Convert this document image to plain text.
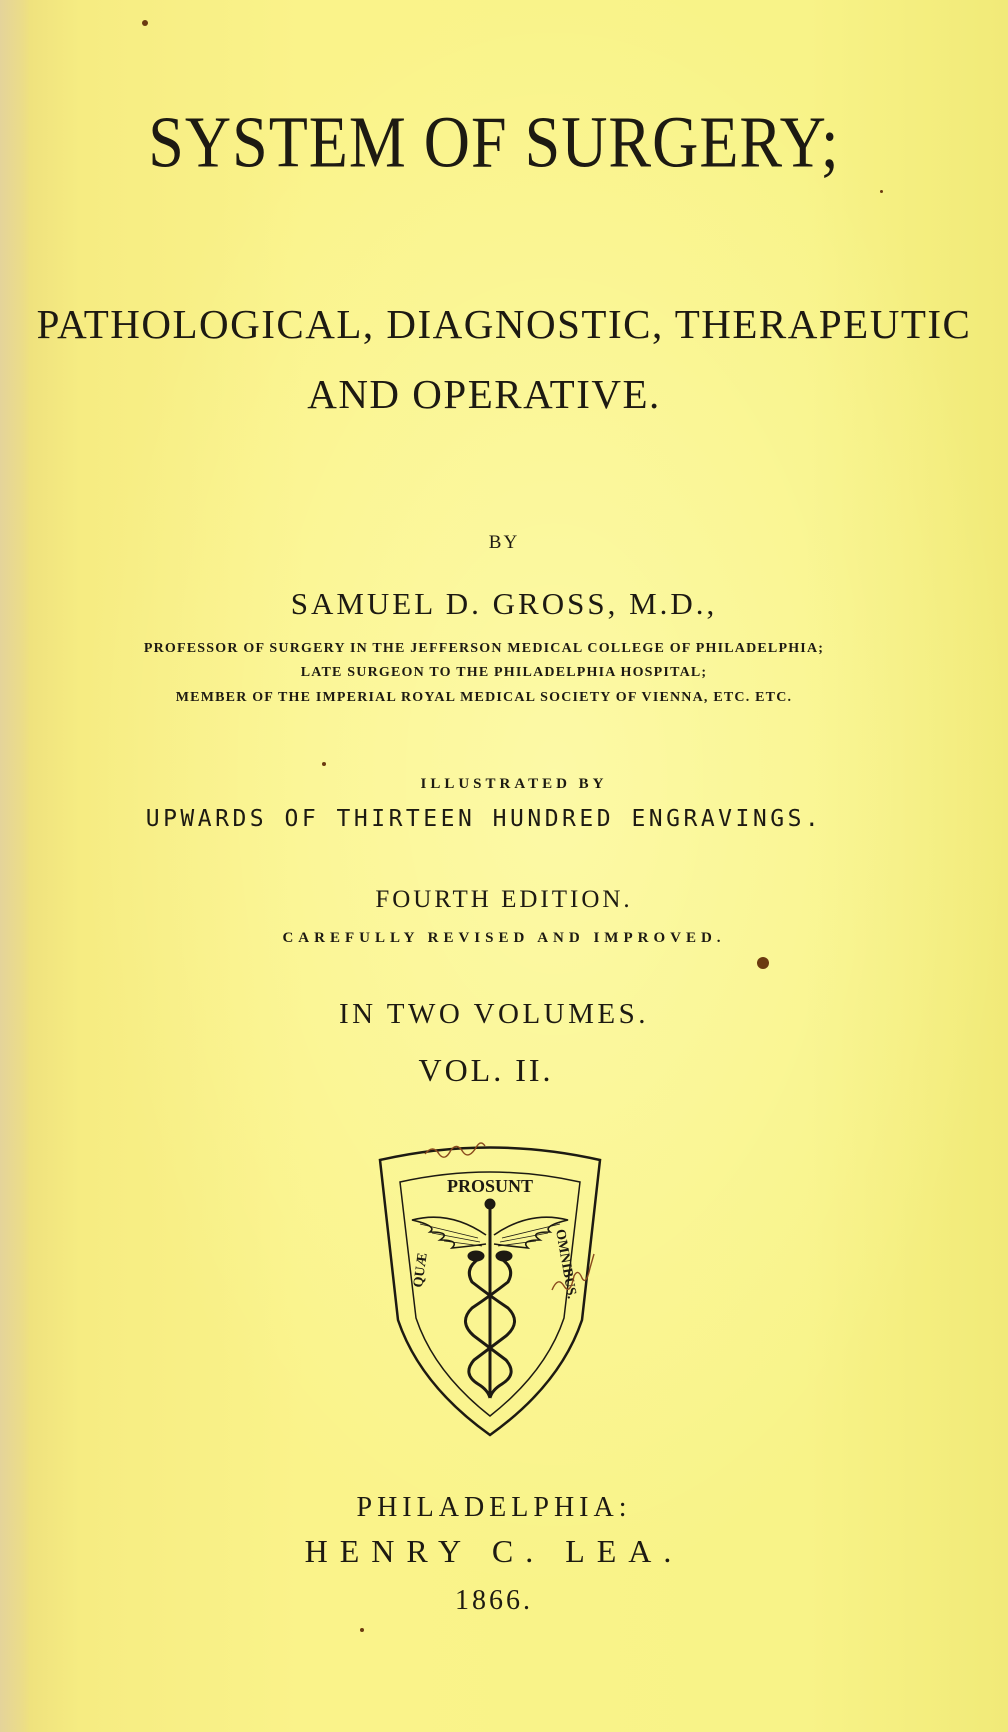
SYSTEM OF SURGERY;
PATHOLOGICAL, DIAGNOSTIC, THERAPEUTIC
AND OPERATIVE.
BY
SAMUEL D. GROSS, M.D.,
PROFESSOR OF SURGERY IN THE JEFFERSON MEDICAL COLLEGE OF PHILADELPHIA;
LATE SURGEON TO THE PHILADELPHIA HOSPITAL;
MEMBER OF THE IMPERIAL ROYAL MEDICAL SOCIETY OF VIENNA, ETC. ETC.
ILLUSTRATED BY
UPWARDS OF THIRTEEN HUNDRED ENGRAVINGS.
FOURTH EDITION.
CAREFULLY REVISED AND IMPROVED.
IN TWO VOLUMES.
VOL. II.
PROSUNT
QUÆ	OMNIBUS.
PHILADELPHIA:
HENRY C. LEA.
1866.
